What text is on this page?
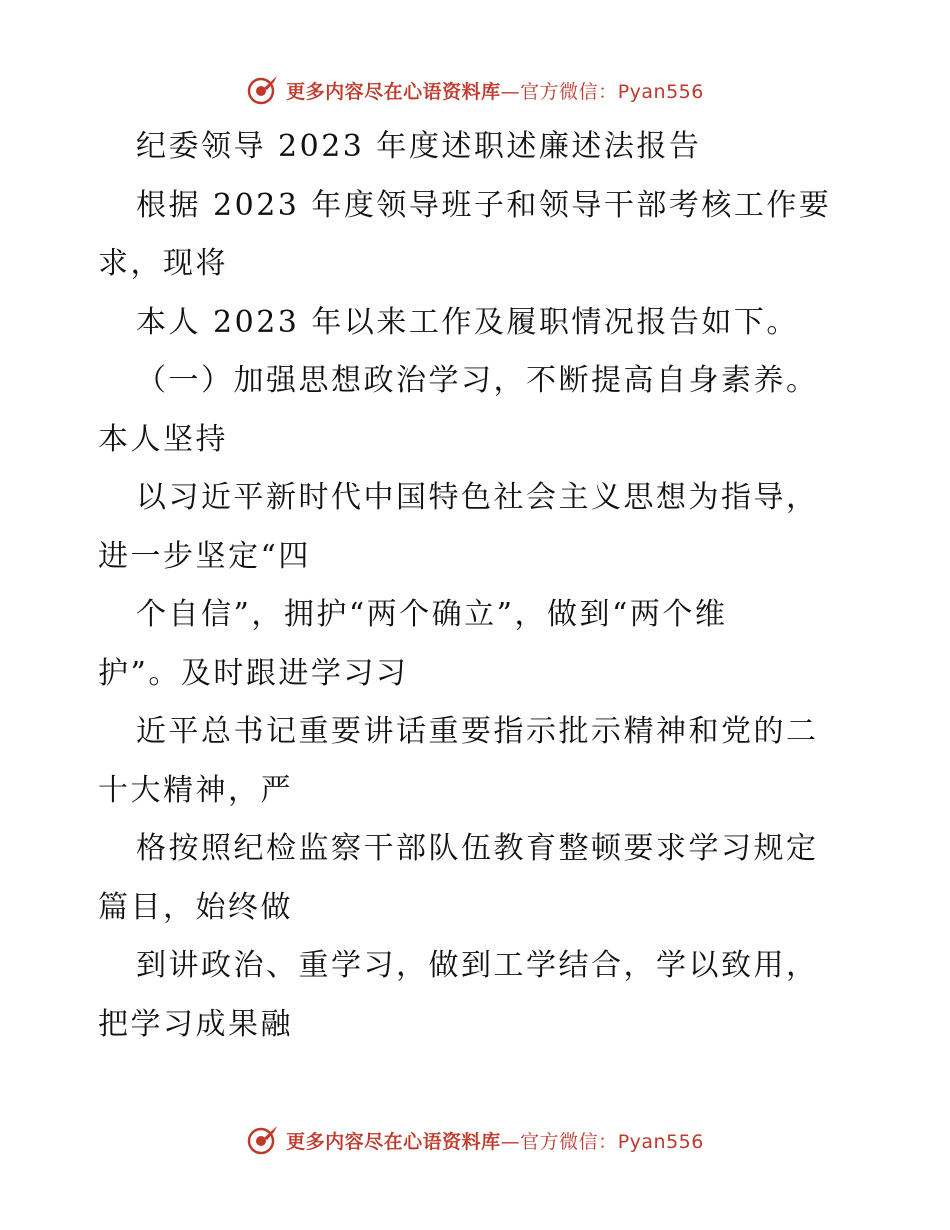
更多内容尽在心语资料库—官方微信：Pyan556
纪委领导 2023 年度述职述廉述法报告
根据 2023 年度领导班子和领导干部考核工作要
求，现将
本人 2023 年以来工作及履职情况报告如下。
（一）加强思想政治学习，不断提高自身素养。
本人坚持
以习近平新时代中国特色社会主义思想为指导，
进一步坚定“四
个自信”，拥护“两个确立”，做到“两个维
护”。及时跟进学习习
近平总书记重要讲话重要指示批示精神和党的二
十大精神，严
格按照纪检监察干部队伍教育整顿要求学习规定
篇目，始终做
到讲政治、重学习，做到工学结合，学以致用，
把学习成果融
更多内容尽在心语资料库—官方微信：Pyan556
